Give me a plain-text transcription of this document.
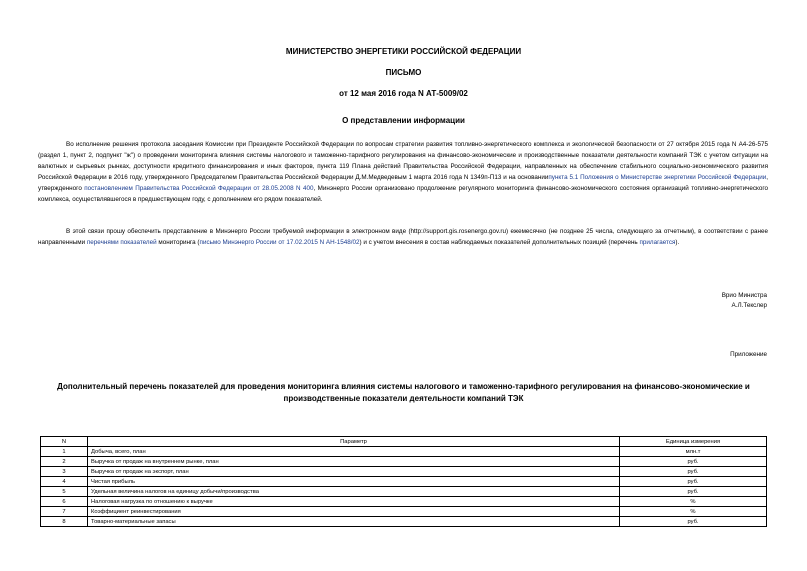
МИНИСТЕРСТВО ЭНЕРГЕТИКИ РОССИЙСКОЙ ФЕДЕРАЦИИ
ПИСЬМО
от 12 мая 2016 года N АТ-5009/02
О представлении информации

Во исполнение решения протокола заседания Комиссии при Президенте Российской Федерации по вопросам стратегии развития топливно-энергетического комплекса и экологической безопасности от 27 октября 2015 года N А4-26-575 (раздел 1, пункт 2, подпункт "ж") о проведении мониторинга влияния системы налогового и таможенно-тарифного регулирования на финансово-экономические и производственные показатели деятельности компаний ТЭК с учетом ситуации на валютных и сырьевых рынках, доступности кредитного финансирования и иных факторов, пункта 119 Плана действий Правительства Российской Федерации, направленных на обеспечение стабильного социально-экономического развития Российской Федерации в 2016 году, утвержденного Председателем Правительства Российской Федерации Д.М.Медведевым 1 марта 2016 года N 1349п-П13 и на основаниипункта 5.1 Положения о Министерстве энергетики Российской Федерации, утвержденного постановлением Правительства Российской Федерации от 28.05.2008 N 400, Минэнерго России организовано продолжение регулярного мониторинга финансово-экономического состояния организаций топливно-энергетического комплекса, осуществлявшегося в предшествующем году, с дополнением его рядом показателей.

В этой связи прошу обеспечить представление в Минэнерго России требуемой информации в электронном виде (http://support.gis.rosenergo.gov.ru) ежемесячно (не позднее 25 числа, следующего за отчетным), в соответствии с ранее направленными перечнями показателей мониторинга (письмо Минэнерго России от 17.02.2015 N АН-1548/02) и с учетом внесения в состав наблюдаемых показателей дополнительных позиций (перечень прилагается).

Врио Министра
А.Л.Текслер
Приложение
Дополнительный перечень показателей для проведения мониторинга влияния системы налогового и таможенно-тарифного регулирования на финансово-экономические и производственные показатели деятельности компаний ТЭК
N	Параметр	Единица измерения
1	Добыча, всего, план	млн.т
2	Выручка от продаж на внутреннем рынке, план	руб.
3	Выручка от продаж на экспорт, план	руб.
4	Чистая прибыль	руб.
5	Удельная величина налогов на единицу добычи/производства	руб.
6	Налоговая нагрузка по отношению к выручке	%
7	Коэффициент реинвестирования	%
8	Товарно-материальные запасы	руб.
